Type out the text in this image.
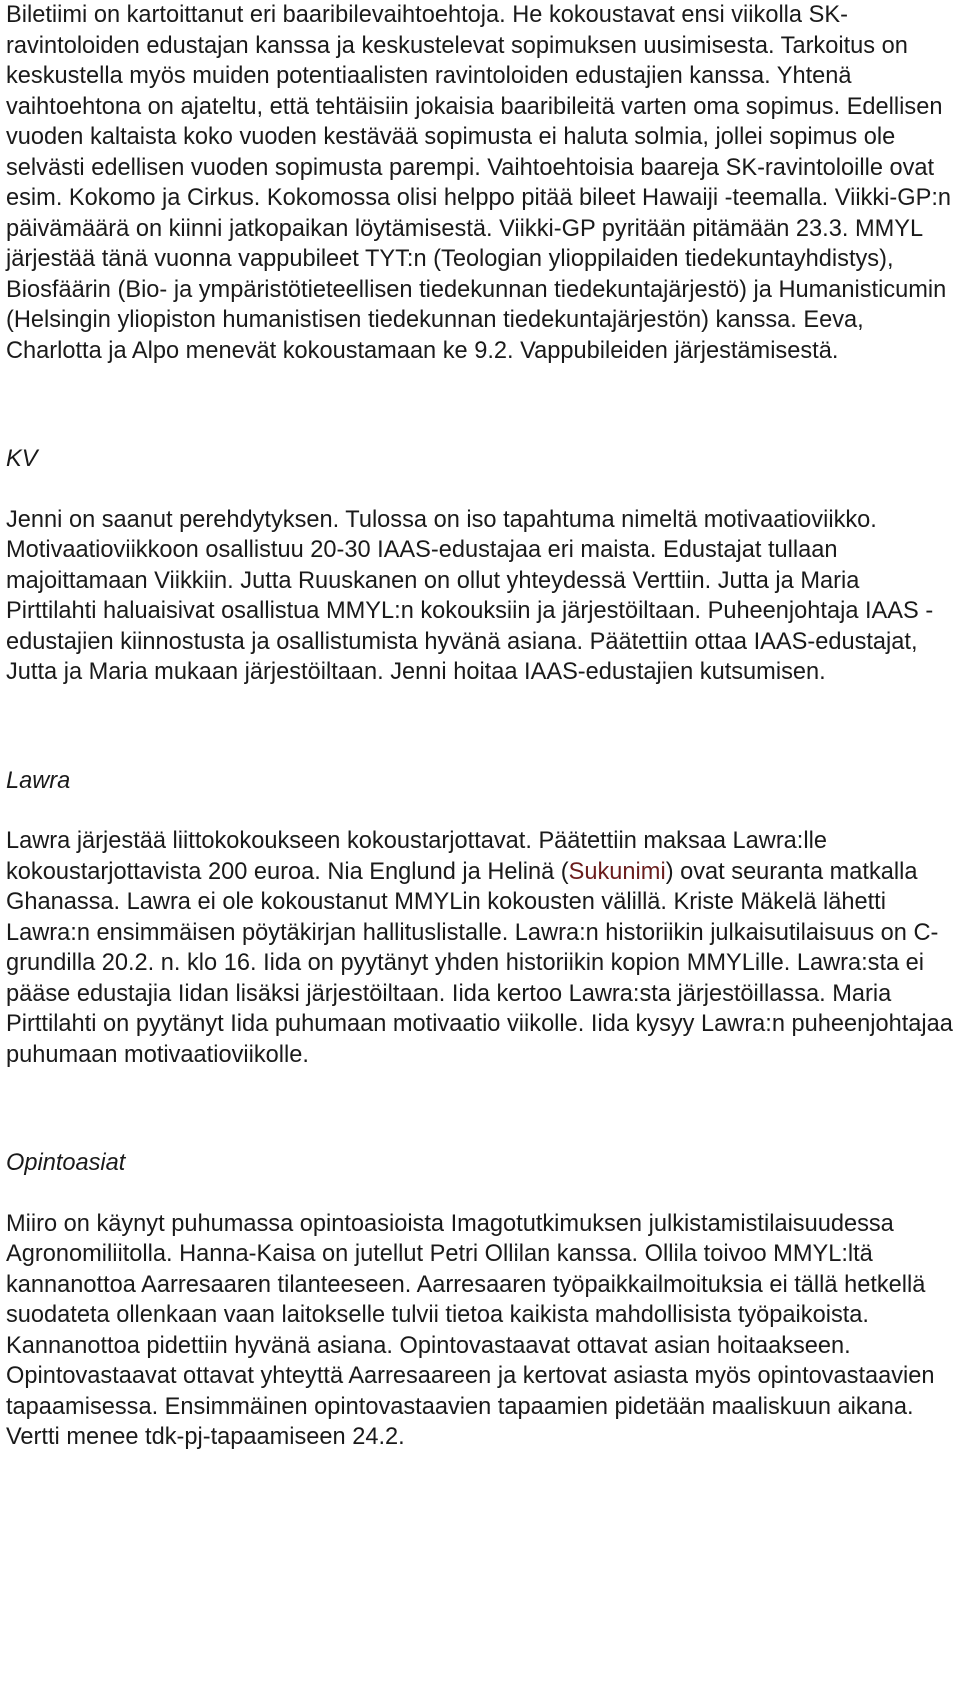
Biletiimi on kartoittanut eri baaribilevaihtoehtoja. He kokoustavat ensi viikolla SK-ravintoloiden edustajan kanssa ja keskustelevat sopimuksen uusimisesta. Tarkoitus on keskustella myös muiden potentiaalisten ravintoloiden edustajien kanssa. Yhtenä vaihtoehtona on ajateltu, että tehtäisiin jokaisia baaribileitä varten oma sopimus. Edellisen vuoden kaltaista koko vuoden kestävää sopimusta ei haluta solmia, jollei sopimus ole selvästi edellisen vuoden sopimusta parempi. Vaihtoehtoisia baareja SK-ravintoloille ovat esim. Kokomo ja Cirkus. Kokomossa olisi helppo pitää bileet Hawaiji -teemalla. Viikki-GP:n päivämäärä on kiinni jatkopaikan löytämisestä. Viikki-GP pyritään pitämään 23.3. MMYL järjestää tänä vuonna vappubileet TYT:n (Teologian ylioppilaiden tiedekuntayhdistys), Biosfäärin (Bio- ja ympäristötieteellisen tiedekunnan tiedekuntajärjestö) ja Humanisticumin (Helsingin yliopiston humanistisen tiedekunnan tiedekuntajärjestön) kanssa. Eeva, Charlotta ja Alpo menevät kokoustamaan ke 9.2. Vappubileiden järjestämisestä.

KV

Jenni on saanut perehdytyksen. Tulossa on iso tapahtuma nimeltä motivaatioviikko. Motivaatioviikkoon osallistuu 20-30 IAAS-edustajaa eri maista. Edustajat tullaan majoittamaan Viikkiin. Jutta Ruuskanen on ollut yhteydessä Verttiin. Jutta ja Maria Pirttilahti haluaisivat osallistua MMYL:n kokouksiin ja järjestöiltaan. Puheenjohtaja IAAS -edustajien kiinnostusta ja osallistumista hyvänä asiana. Päätettiin ottaa IAAS-edustajat, Jutta ja Maria mukaan järjestöiltaan. Jenni hoitaa IAAS-edustajien kutsumisen.

Lawra

Lawra järjestää liittokokoukseen kokoustarjottavat. Päätettiin maksaa Lawra:lle kokoustarjottavista 200 euroa. Nia Englund ja Helinä (Sukunimi) ovat seuranta matkalla Ghanassa. Lawra ei ole kokoustanut MMYLin kokousten välillä. Kriste Mäkelä lähetti Lawra:n ensimmäisen pöytäkirjan hallituslistalle. Lawra:n historiikin julkaisutilaisuus on C-grundilla 20.2. n. klo 16. Iida on pyytänyt yhden historiikin kopion MMYLille. Lawra:sta ei pääse edustajia Iidan lisäksi järjestöiltaan. Iida kertoo Lawra:sta järjestöillassa. Maria Pirttilahti on pyytänyt Iida puhumaan motivaatio viikolle. Iida kysyy Lawra:n puheenjohtajaa puhumaan motivaatioviikolle.

Opintoasiat

Miiro on käynyt puhumassa opintoasioista Imagotutkimuksen julkistamistilaisuudessa Agronomiliitolla. Hanna-Kaisa on jutellut Petri Ollilan kanssa. Ollila toivoo MMYL:ltä kannanottoa Aarresaaren tilanteeseen. Aarresaaren työpaikkailmoituksia ei tällä hetkellä suodateta ollenkaan vaan laitokselle tulvii tietoa kaikista mahdollisista työpaikoista. Kannanottoa pidettiin hyvänä asiana. Opintovastaavat ottavat asian hoitaakseen. Opintovastaavat ottavat yhteyttä Aarresaareen ja kertovat asiasta myös opintovastaavien tapaamisessa. Ensimmäinen opintovastaavien tapaamien pidetään maaliskuun aikana. Vertti menee tdk-pj-tapaamiseen 24.2.
